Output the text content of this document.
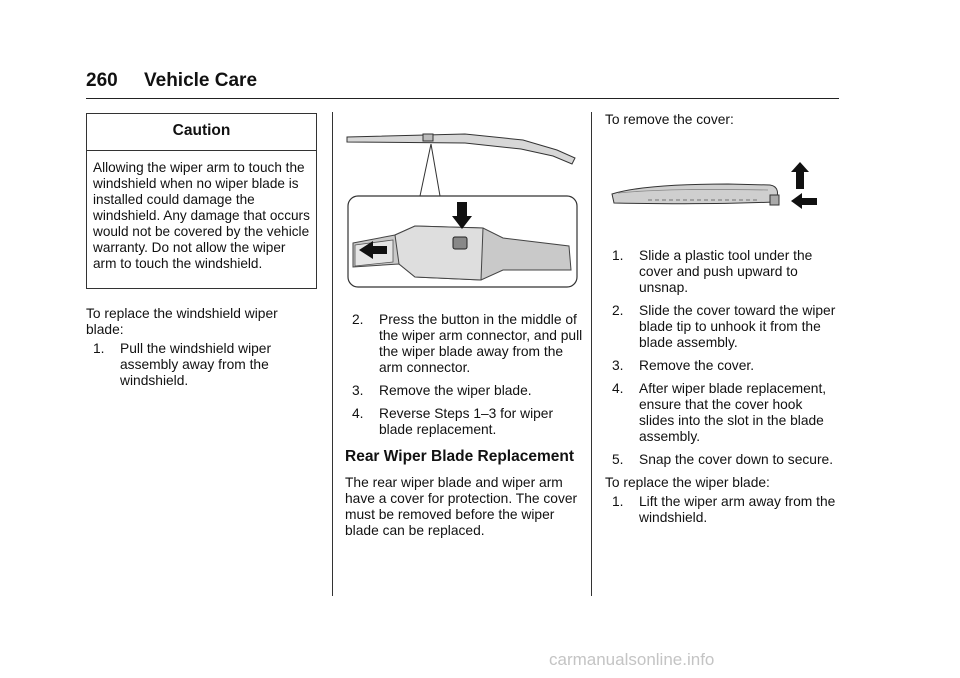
260 Vehicle Care
Caution
Allowing the wiper arm to touch the windshield when no wiper blade is installed could damage the windshield. Any damage that occurs would not be covered by the vehicle warranty. Do not allow the wiper arm to touch the windshield.

To replace the windshield wiper blade:

1. Pull the windshield wiper assembly away from the windshield.
2. Press the button in the middle of the wiper arm connector, and pull the wiper blade away from the arm connector.
3. Remove the wiper blade.
4. Reverse Steps 1–3 for wiper blade replacement.
Rear Wiper Blade Replacement

The rear wiper blade and wiper arm have a cover for protection. The cover must be removed before the wiper blade can be replaced.

To remove the cover:

1. Slide a plastic tool under the cover and push upward to unsnap.
2. Slide the cover toward the wiper blade tip to unhook it from the blade assembly.
3. Remove the cover.
4. After wiper blade replacement, ensure that the cover hook slides into the slot in the blade assembly.
5. Snap the cover down to secure.

To replace the wiper blade:

1. Lift the wiper arm away from the windshield.
carmanualsonline.info
